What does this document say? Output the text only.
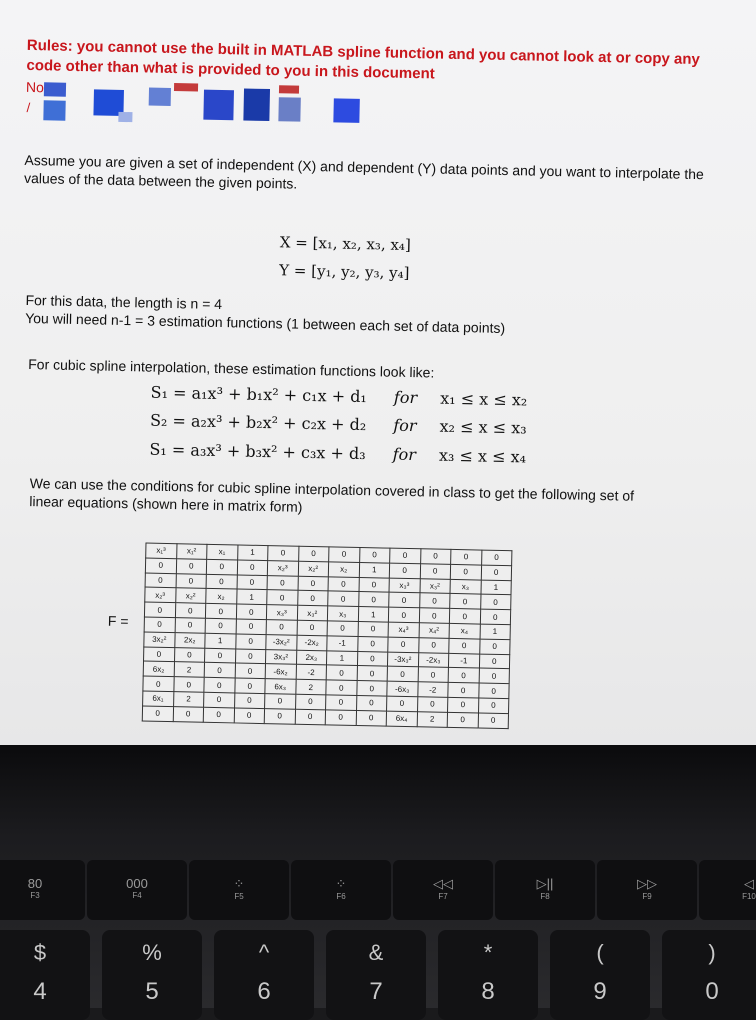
Rules: you cannot use the built in MATLAB spline function and you cannot look at or copy any code other than what is provided to you in this document
No
/
Assume you are given a set of independent (X) and dependent (Y) data points and you want to interpolate the values of the data between the given points.
X = [x₁, x₂, x₃, x₄]
Y = [y₁, y₂, y₃, y₄]
For this data, the length is n = 4
You will need n-1 = 3 estimation functions (1 between each set of data points)
For cubic spline interpolation, these estimation functions look like:
S₁ = a₁x³ + b₁x² + c₁x + d₁ for x₁ ≤ x ≤ x₂
S₂ = a₂x³ + b₂x² + c₂x + d₂ for x₂ ≤ x ≤ x₃
S₁ = a₃x³ + b₃x² + c₃x + d₃ for x₃ ≤ x ≤ x₄
We can use the conditions for cubic spline interpolation covered in class to get the following set of linear equations (shown here in matrix form)
F =
x₁³	x₁²	x₁	1	0	0	0	0	0	0	0	0
0	0	0	0	x₂³	x₂²	x₂	1	0	0	0	0
0	0	0	0	0	0	0	0	x₃³	x₃²	x₃	1
x₂³	x₂²	x₂	1	0	0	0	0	0	0	0	0
0	0	0	0	x₃³	x₃²	x₃	1	0	0	0	0
0	0	0	0	0	0	0	0	x₄³	x₄²	x₄	1
3x₂²	2x₂	1	0	-3x₂²	-2x₂	-1	0	0	0	0	0
0	0	0	0	3x₃²	2x₃	1	0	-3x₃²	-2x₃	-1	0
6x₂	2	0	0	-6x₂	-2	0	0	0	0	0	0
0	0	0	0	6x₃	2	0	0	-6x₃	-2	0	0
6x₁	2	0	0	0	0	0	0	0	0	0	0
0	0	0	0	0	0	0	0	6x₄	2	0	0
80
F3
000
F4
⁘
F5
⁘
F6
◁◁
F7
▷||
F8
▷▷
F9
◁
F10
$
4
%
5
^
6
&
7
*
8
(
9
)
0
